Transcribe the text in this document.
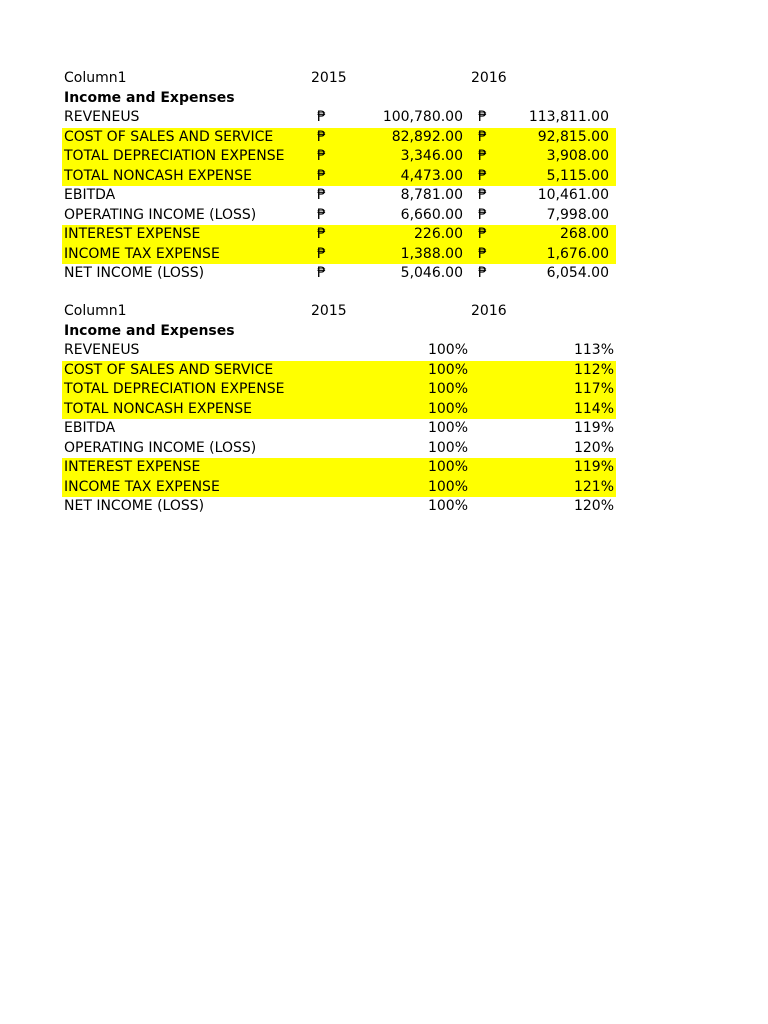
Column1	2015	2016
Income and Expenses
REVENEUS	₱	100,780.00 ₱	113,811.00
COST OF SALES AND SERVICE	₱	82,892.00 ₱	92,815.00
TOTAL DEPRECIATION EXPENSE ₱	3,346.00 ₱	3,908.00
TOTAL NONCASH EXPENSE	₱	4,473.00 ₱	5,115.00
EBITDA	₱	8,781.00 ₱	10,461.00
OPERATING INCOME (LOSS)	₱	6,660.00 ₱	7,998.00
INTEREST EXPENSE	₱	226.00 ₱	268.00
INCOME TAX EXPENSE	₱	1,388.00 ₱	1,676.00
NET INCOME (LOSS)	₱	5,046.00 ₱	6,054.00
Column1	2015	2016
Income and Expenses
REVENEUS	100%	113%
COST OF SALES AND SERVICE	100%	112%
TOTAL DEPRECIATION EXPENSE	100%	117%
TOTAL NONCASH EXPENSE	100%	114%
EBITDA	100%	119%
OPERATING INCOME (LOSS)	100%	120%
INTEREST EXPENSE	100%	119%
INCOME TAX EXPENSE	100%	121%
NET INCOME (LOSS)	100%	120%
